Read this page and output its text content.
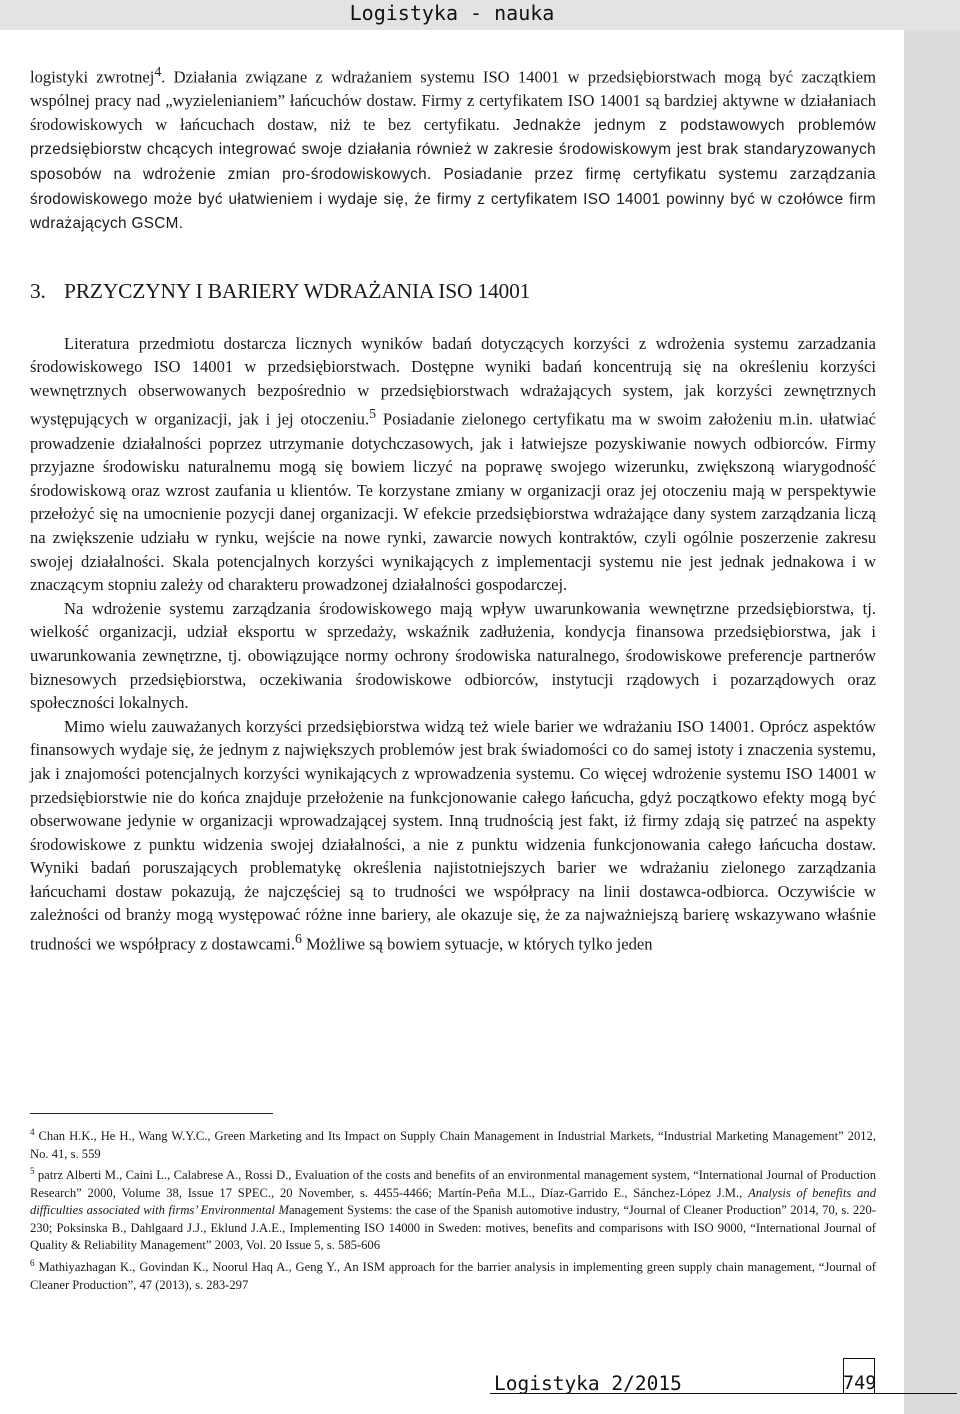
Logistyka - nauka

logistyki zwrotnej$^4$. Działania związane z wdrażaniem systemu ISO 14001 w przedsiębiorstwach mogą być zaczątkiem wspólnej pracy nad „wyzielenianiem” łańcuchów dostaw. Firmy z certyfikatem ISO 14001 są bardziej aktywne w działaniach środowiskowych w łańcuchach dostaw, niż te bez certyfikatu. Jednakże jednym z podstawowych problemów przedsiębiorstw chcących integrować swoje działania również w zakresie środowiskowym jest brak standaryzowanych sposobów na wdrożenie zmian pro-środowiskowych. Posiadanie przez firmę certyfikatu systemu zarządzania środowiskowego może być ułatwieniem i wydaje się, że firmy z certyfikatem ISO 14001 powinny być w czołówce firm wdrażających GSCM.

3. PRZYCZYNY I BARIERY WDRAŻANIA ISO 14001

Literatura przedmiotu dostarcza licznych wyników badań dotyczących korzyści z wdrożenia systemu zarzadzania środowiskowego ISO 14001 w przedsiębiorstwach. Dostępne wyniki badań koncentrują się na określeniu korzyści wewnętrznych obserwowanych bezpośrednio w przedsiębiorstwach wdrażających system, jak korzyści zewnętrznych występujących w organizacji, jak i jej otoczeniu.$^5$ Posiadanie zielonego certyfikatu ma w swoim założeniu m.in. ułatwiać prowadzenie działalności poprzez utrzymanie dotychczasowych, jak i łatwiejsze pozyskiwanie nowych odbiorców. Firmy przyjazne środowisku naturalnemu mogą się bowiem liczyć na poprawę swojego wizerunku, zwiększoną wiarygodność środowiskową oraz wzrost zaufania u klientów. Te korzystane zmiany w organizacji oraz jej otoczeniu mają w perspektywie przełożyć się na umocnienie pozycji danej organizacji. W efekcie przedsiębiorstwa wdrażające dany system zarządzania liczą na zwiększenie udziału w rynku, wejście na nowe rynki, zawarcie nowych kontraktów, czyli ogólnie poszerzenie zakresu swojej działalności. Skala potencjalnych korzyści wynikających z implementacji systemu nie jest jednak jednakowa i w znaczącym stopniu zależy od charakteru prowadzonej działalności gospodarczej.

Na wdrożenie systemu zarządzania środowiskowego mają wpływ uwarunkowania wewnętrzne przedsiębiorstwa, tj. wielkość organizacji, udział eksportu w sprzedaży, wskaźnik zadłużenia, kondycja finansowa przedsiębiorstwa, jak i uwarunkowania zewnętrzne, tj. obowiązujące normy ochrony środowiska naturalnego, środowiskowe preferencje partnerów biznesowych przedsiębiorstwa, oczekiwania środowiskowe odbiorców, instytucji rządowych i pozarządowych oraz społeczności lokalnych.

Mimo wielu zauważanych korzyści przedsiębiorstwa widzą też wiele barier we wdrażaniu ISO 14001. Oprócz aspektów finansowych wydaje się, że jednym z największych problemów jest brak świadomości co do samej istoty i znaczenia systemu, jak i znajomości potencjalnych korzyści wynikających z wprowadzenia systemu. Co więcej wdrożenie systemu ISO 14001 w przedsiębiorstwie nie do końca znajduje przełożenie na funkcjonowanie całego łańcucha, gdyż początkowo efekty mogą być obserwowane jedynie w organizacji wprowadzającej system. Inną trudnością jest fakt, iż firmy zdają się patrzeć na aspekty środowiskowe z punktu widzenia swojej działalności, a nie z punktu widzenia funkcjonowania całego łańcucha dostaw. Wyniki badań poruszających problematykę określenia najistotniejszych barier we wdrażaniu zielonego zarządzania łańcuchami dostaw pokazują, że najczęściej są to trudności we współpracy na linii dostawca-odbiorca. Oczywiście w zależności od branży mogą występować różne inne bariery, ale okazuje się, że za najważniejszą barierę wskazywano właśnie trudności we współpracy z dostawcami.$^6$ Możliwe są bowiem sytuacje, w których tylko jeden

$^4$ Chan H.K., He H., Wang W.Y.C., Green Marketing and Its Impact on Supply Chain Management in Industrial Markets, “Industrial Marketing Management” 2012, No. 41, s. 559

$^5$ patrz Alberti M., Caini L., Calabrese A., Rossi D., Evaluation of the costs and benefits of an environmental management system, “International Journal of Production Research” 2000, Volume 38, Issue 17 SPEC., 20 November, s. 4455-4466; Martín-Peña M.L., Díaz-Garrido E., Sánchez-López J.M., Analysis of benefits and difficulties associated with firms’ Environmental Management Systems: the case of the Spanish automotive industry, “Journal of Cleaner Production” 2014, 70, s. 220-230; Poksinska B., Dahlgaard J.J., Eklund J.A.E., Implementing ISO 14000 in Sweden: motives, benefits and comparisons with ISO 9000, “International Journal of Quality & Reliability Management” 2003, Vol. 20 Issue 5, s. 585-606

$^6$ Mathiyazhagan K., Govindan K., Noorul Haq A., Geng Y., An ISM approach for the barrier analysis in implementing green supply chain management, “Journal of Cleaner Production”, 47 (2013), s. 283-297

Logistyka 2/2015	749
